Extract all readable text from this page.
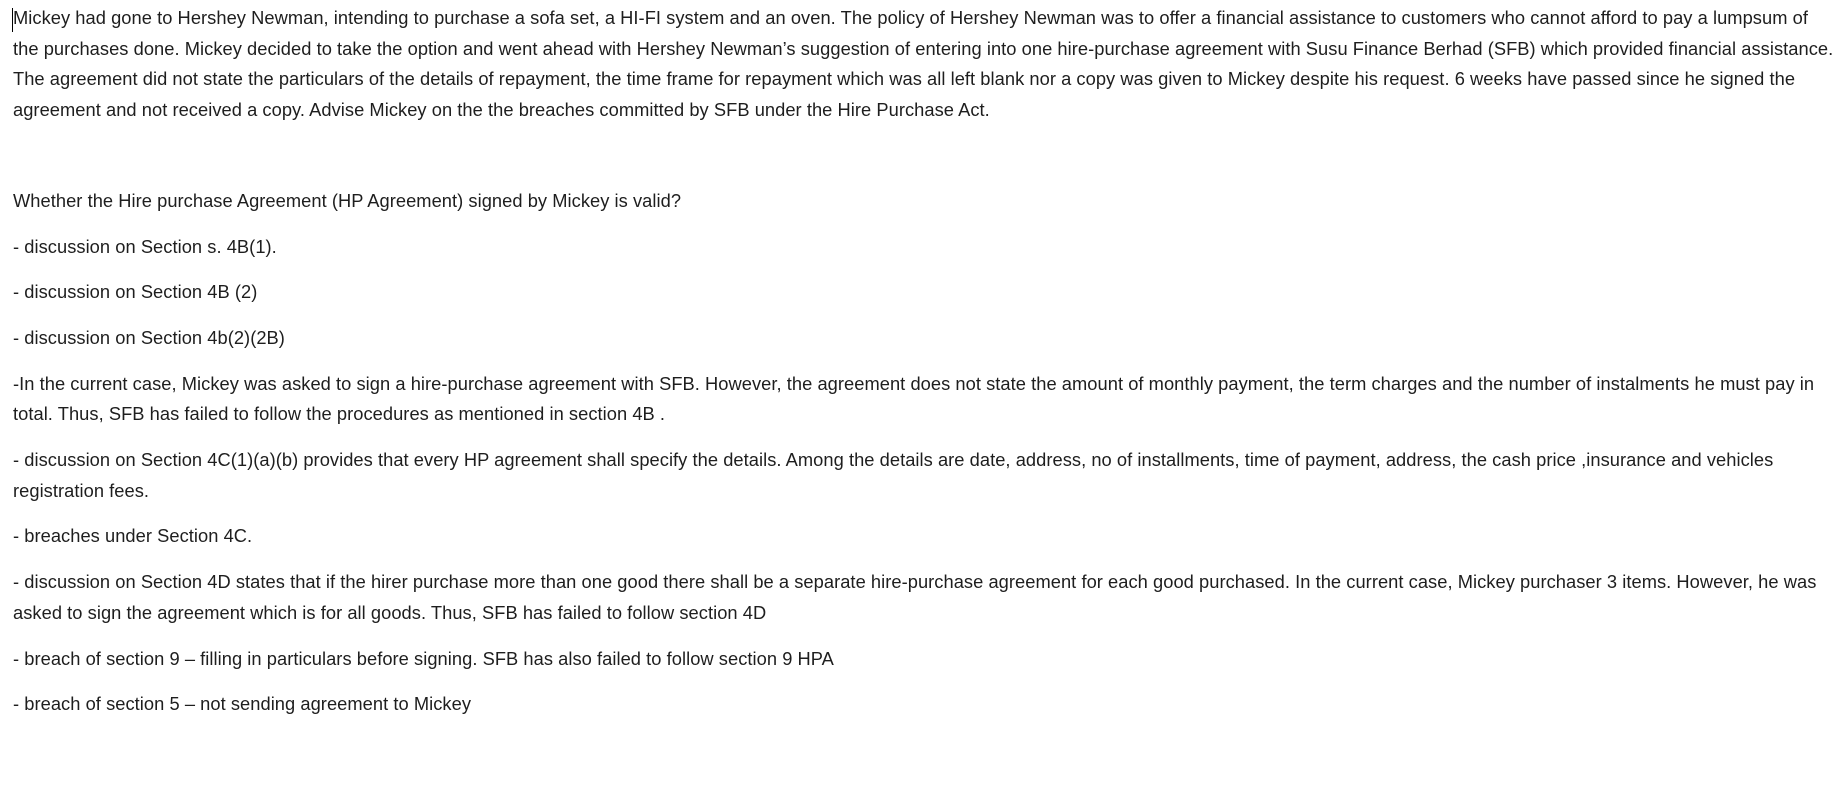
Mickey had gone to Hershey Newman, intending to purchase a sofa set, a HI-FI system and an oven. The policy of Hershey Newman was to offer a financial assistance to customers who cannot afford to pay a lumpsum of the purchases done. Mickey decided to take the option and went ahead with Hershey Newman’s suggestion of entering into one hire-purchase agreement with Susu Finance Berhad (SFB) which provided financial assistance. The agreement did not state the particulars of the details of repayment, the time frame for repayment which was all left blank nor a copy was given to Mickey despite his request. 6 weeks have passed since he signed the agreement and not received a copy. Advise Mickey on the the breaches committed by SFB under the Hire Purchase Act.

Whether the Hire purchase Agreement (HP Agreement) signed by Mickey is valid?

- discussion on Section s. 4B(1).

- discussion on Section 4B (2)

- discussion on Section 4b(2)(2B)

-In the current case, Mickey was asked to sign a hire-purchase agreement with SFB. However, the agreement does not state the amount of monthly payment, the term charges and the number of instalments he must pay in total. Thus, SFB has failed to follow the procedures as mentioned in section 4B .

- discussion on Section 4C(1)(a)(b) provides that every HP agreement shall specify the details. Among the details are date, address, no of installments, time of payment, address, the cash price ,insurance and vehicles registration fees.

- breaches under Section 4C.

- discussion on Section 4D states that if the hirer purchase more than one good there shall be a separate hire-purchase agreement for each good purchased. In the current case, Mickey purchaser 3 items. However, he was asked to sign the agreement which is for all goods. Thus, SFB has failed to follow section 4D

- breach of section 9 – filling in particulars before signing. SFB has also failed to follow section 9 HPA

- breach of section 5 – not sending agreement to Mickey
